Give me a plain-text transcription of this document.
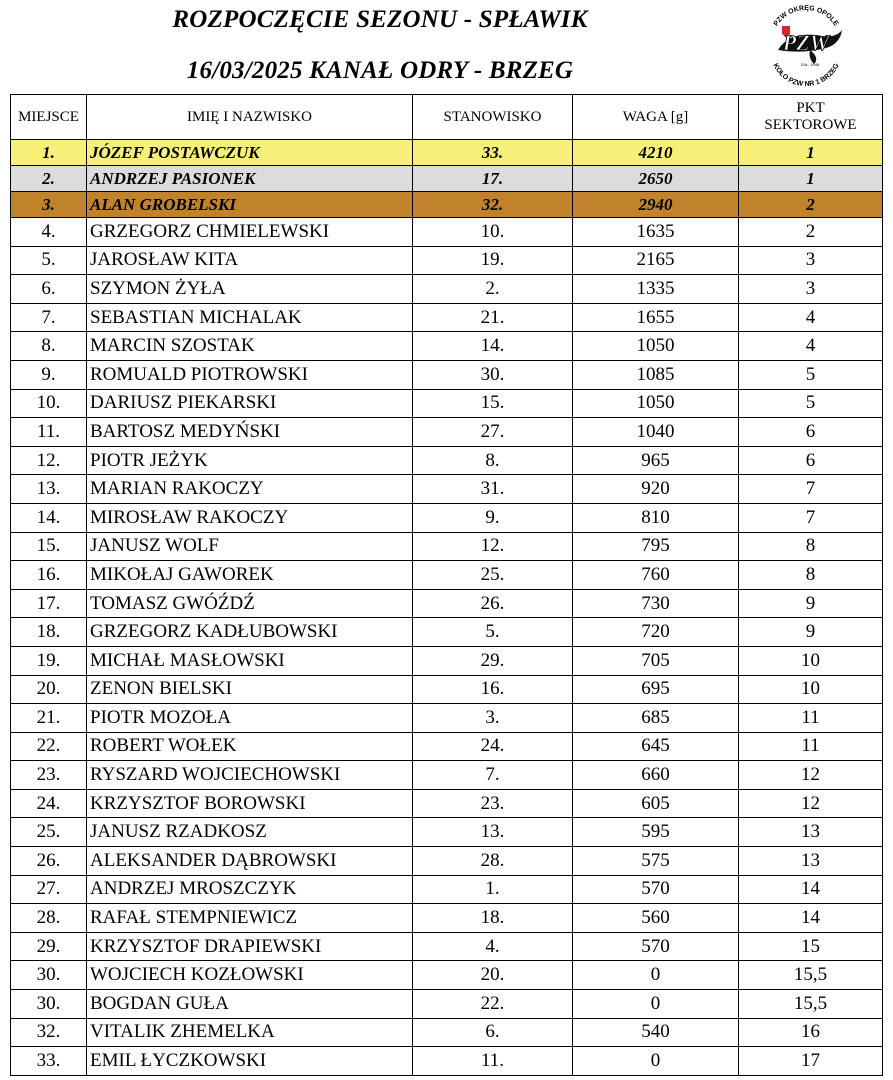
ROZPOCZĘCIE SEZONU - SPŁAWIK
16/03/2025 KANAŁ ODRY - BRZEG
PZW OKRĘG OPOLE
KOŁO PZW NR 1 BRZEG
PZW
ZAŁ. 1946
MIEJSCE	IMIĘ I NAZWISKO	STANOWISKO	WAGA [g]	PKT
SEKTOROWE
1.	JÓZEF POSTAWCZUK	33.	4210	1
2.	ANDRZEJ PASIONEK	17.	2650	1
3.	ALAN GROBELSKI	32.	2940	2
4.	GRZEGORZ CHMIELEWSKI	10.	1635	2
5.	JAROSŁAW KITA	19.	2165	3
6.	SZYMON ŻYŁA	2.	1335	3
7.	SEBASTIAN MICHALAK	21.	1655	4
8.	MARCIN SZOSTAK	14.	1050	4
9.	ROMUALD PIOTROWSKI	30.	1085	5
10.	DARIUSZ PIEKARSKI	15.	1050	5
11.	BARTOSZ MEDYŃSKI	27.	1040	6
12.	PIOTR JEŻYK	8.	965	6
13.	MARIAN RAKOCZY	31.	920	7
14.	MIROSŁAW RAKOCZY	9.	810	7
15.	JANUSZ WOLF	12.	795	8
16.	MIKOŁAJ GAWOREK	25.	760	8
17.	TOMASZ GWÓŹDŹ	26.	730	9
18.	GRZEGORZ KADŁUBOWSKI	5.	720	9
19.	MICHAŁ MASŁOWSKI	29.	705	10
20.	ZENON BIELSKI	16.	695	10
21.	PIOTR MOZOŁA	3.	685	11
22.	ROBERT WOŁEK	24.	645	11
23.	RYSZARD WOJCIECHOWSKI	7.	660	12
24.	KRZYSZTOF BOROWSKI	23.	605	12
25.	JANUSZ RZADKOSZ	13.	595	13
26.	ALEKSANDER DĄBROWSKI	28.	575	13
27.	ANDRZEJ MROSZCZYK	1.	570	14
28.	RAFAŁ STEMPNIEWICZ	18.	560	14
29.	KRZYSZTOF DRAPIEWSKI	4.	570	15
30.	WOJCIECH KOZŁOWSKI	20.	0	15,5
30.	BOGDAN GUŁA	22.	0	15,5
32.	VITALIK ZHEMELKA	6.	540	16
33.	EMIL ŁYCZKOWSKI	11.	0	17
